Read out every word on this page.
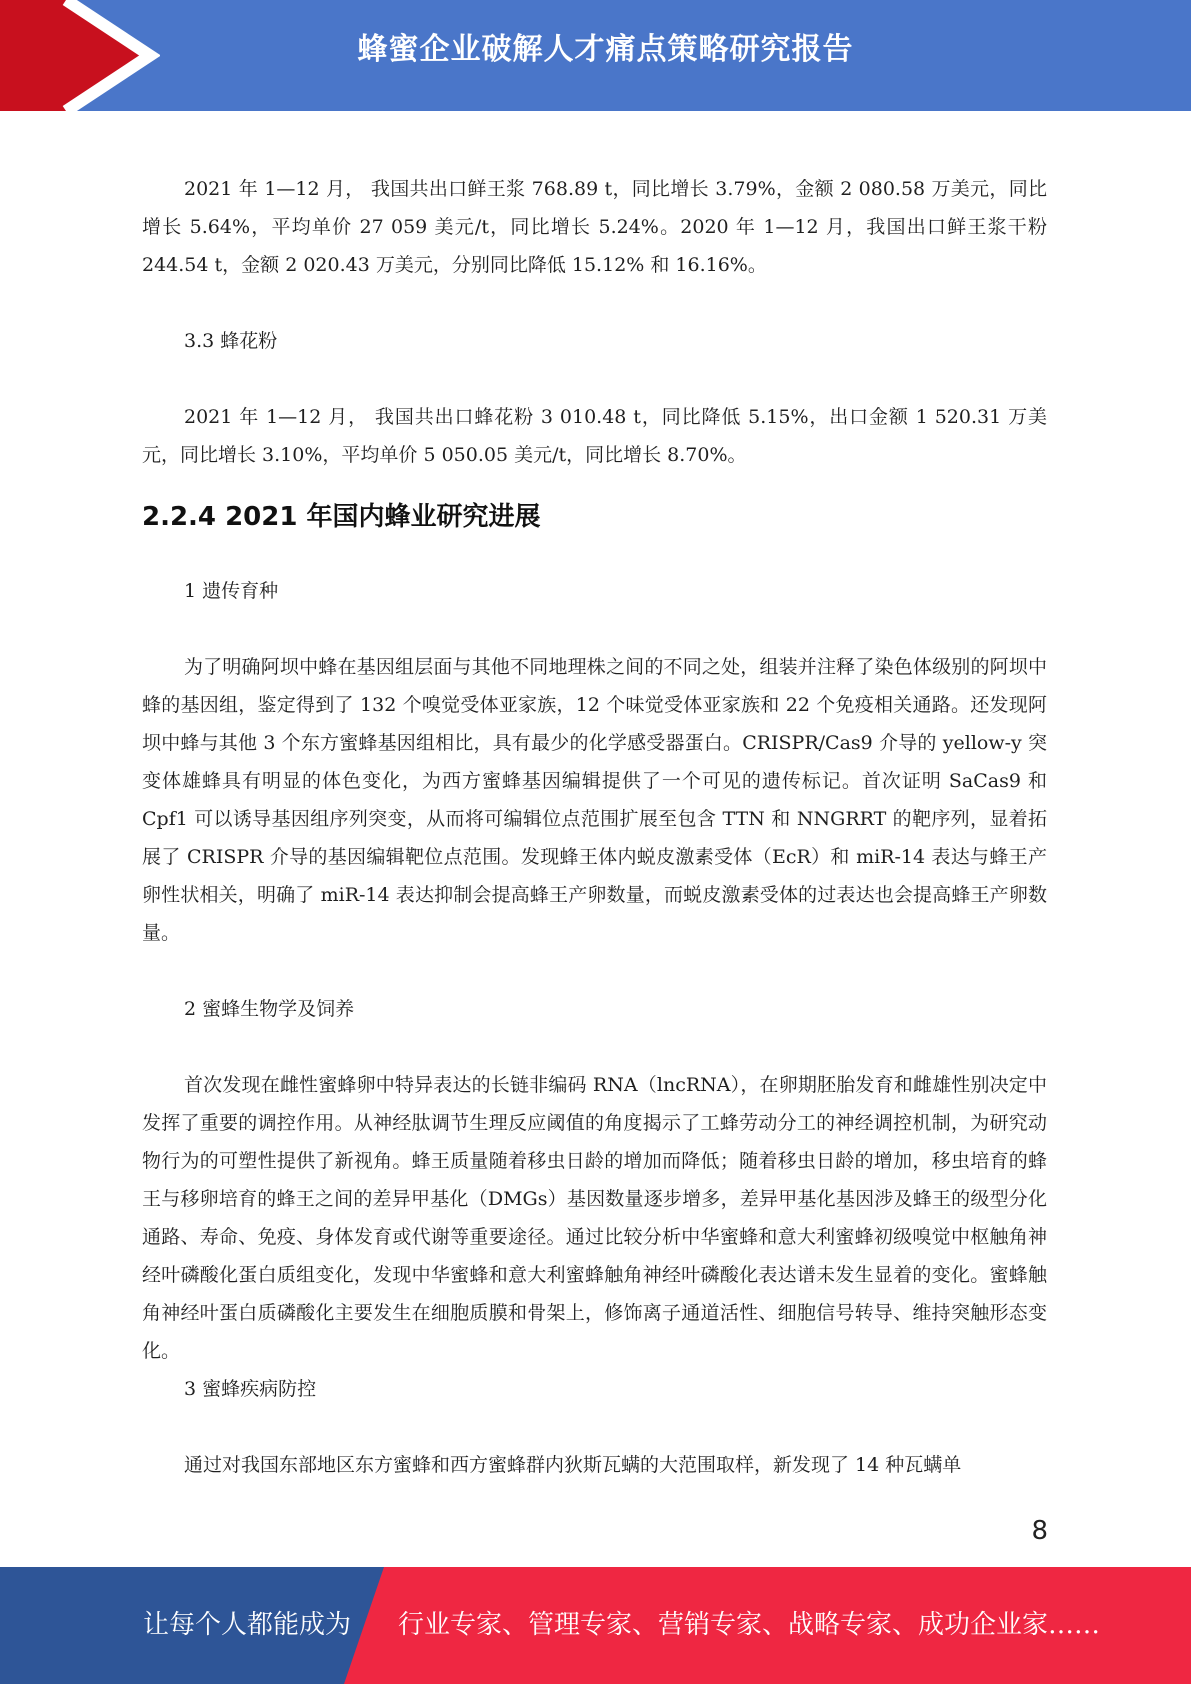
蜂蜜企业破解人才痛点策略研究报告

2021 年 1—12 月， 我国共出口鲜王浆 768.89 t，同比增长 3.79%，金额 2 080.58 万美元，同比增长 5.64%，平均单价 27 059 美元/t，同比增长 5.24%。2020 年 1—12 月，我国出口鲜王浆干粉 244.54 t，金额 2 020.43 万美元，分别同比降低 15.12% 和 16.16%。

3.3 蜂花粉

2021 年 1—12 月， 我国共出口蜂花粉 3 010.48 t，同比降低 5.15%，出口金额 1 520.31 万美元，同比增长 3.10%，平均单价 5 050.05 美元/t，同比增长 8.70%。

2.2.4 2021 年国内蜂业研究进展

1 遗传育种

为了明确阿坝中蜂在基因组层面与其他不同地理株之间的不同之处，组装并注释了染色体级别的阿坝中蜂的基因组，鉴定得到了 132 个嗅觉受体亚家族，12 个味觉受体亚家族和 22 个免疫相关通路。还发现阿坝中蜂与其他 3 个东方蜜蜂基因组相比，具有最少的化学感受器蛋白。CRISPR/Cas9 介导的 yellow-y 突变体雄蜂具有明显的体色变化，为西方蜜蜂基因编辑提供了一个可见的遗传标记。首次证明 SaCas9 和 Cpf1 可以诱导基因组序列突变，从而将可编辑位点范围扩展至包含 TTN 和 NNGRRT 的靶序列，显着拓展了 CRISPR 介导的基因编辑靶位点范围。发现蜂王体内蜕皮激素受体（EcR）和 miR-14 表达与蜂王产卵性状相关，明确了 miR-14 表达抑制会提高蜂王产卵数量，而蜕皮激素受体的过表达也会提高蜂王产卵数量。

2 蜜蜂生物学及饲养

首次发现在雌性蜜蜂卵中特异表达的长链非编码 RNA（lncRNA），在卵期胚胎发育和雌雄性别决定中发挥了重要的调控作用。从神经肽调节生理反应阈值的角度揭示了工蜂劳动分工的神经调控机制，为研究动物行为的可塑性提供了新视角。蜂王质量随着移虫日龄的增加而降低；随着移虫日龄的增加，移虫培育的蜂王与移卵培育的蜂王之间的差异甲基化（DMGs）基因数量逐步增多，差异甲基化基因涉及蜂王的级型分化通路、寿命、免疫、身体发育或代谢等重要途径。通过比较分析中华蜜蜂和意大利蜜蜂初级嗅觉中枢触角神经叶磷酸化蛋白质组变化，发现中华蜜蜂和意大利蜜蜂触角神经叶磷酸化表达谱未发生显着的变化。蜜蜂触角神经叶蛋白质磷酸化主要发生在细胞质膜和骨架上，修饰离子通道活性、细胞信号转导、维持突触形态变化。

3 蜜蜂疾病防控

通过对我国东部地区东方蜜蜂和西方蜜蜂群内狄斯瓦螨的大范围取样，新发现了 14 种瓦螨单

8
让每个人都能成为 行业专家、管理专家、营销专家、战略专家、成功企业家……
